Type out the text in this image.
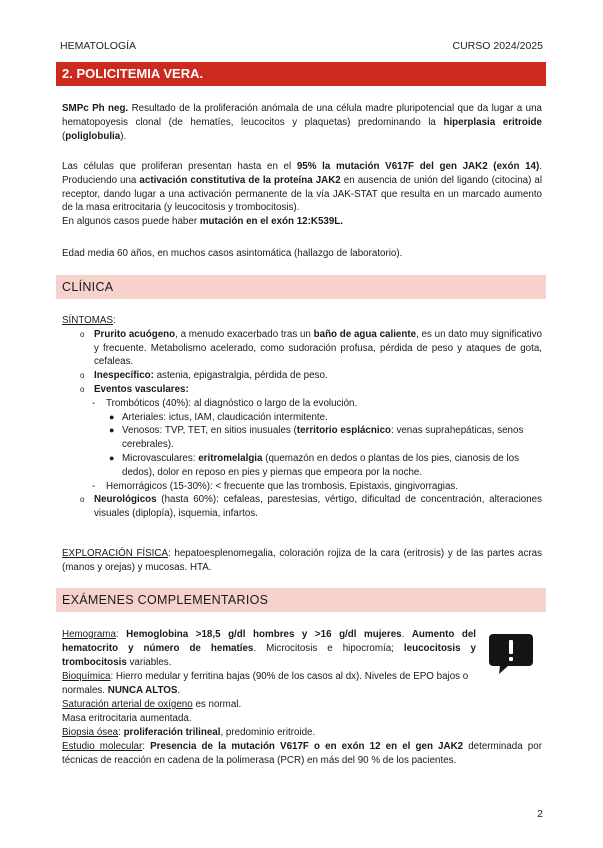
HEMATOLOGÍA	CURSO 2024/2025
2. POLICITEMIA VERA.

SMPc Ph neg. Resultado de la proliferación anómala de una célula madre pluripotencial que da lugar a una hematopoyesis clonal (de hematíes, leucocitos y plaquetas) predominando la hiperplasia eritroide (poliglobulia).

Las células que proliferan presentan hasta en el 95% la mutación V617F del gen JAK2 (exón 14). Produciendo una activación constitutiva de la proteína JAK2 en ausencia de unión del ligando (citocina) al receptor, dando lugar a una activación permanente de la vía JAK-STAT que resulta en un marcado aumento de la masa eritrocitaria (y leucocitosis y trombocitosis).

En algunos casos puede haber mutación en el exón 12:K539L.

Edad media 60 años, en muchos casos asintomática (hallazgo de laboratorio).
CLÍNICA

SÍNTOMAS:

o Prurito acuógeno, a menudo exacerbado tras un baño de agua caliente, es un dato muy significativo y frecuente. Metabolismo acelerado, como sudoración profusa, pérdida de peso y ataques de gota, cefaleas.
o Inespecífico: astenia, epigastralgia, pérdida de peso.
o Eventos vasculares:
- Trombóticos (40%): al diagnóstico o largo de la evolución.
● Arteriales: ictus, IAM, claudicación intermitente.
● Venosos: TVP, TET, en sitios inusuales (territorio esplácnico: venas suprahepáticas, senos cerebrales).
● Microvasculares: eritromelalgia (quemazón en dedos o plantas de los pies, cianosis de los dedos), dolor en reposo en pies y piernas que empeora por la noche.
- Hemorrágicos (15-30%): < frecuente que las trombosis. Epistaxis, gingivorragias.
o Neurológicos (hasta 60%): cefaleas, parestesias, vértigo, dificultad de concentración, alteraciones visuales (diplopía), isquemia, infartos.

EXPLORACIÓN FÍSICA: hepatoesplenomegalia, coloración rojiza de la cara (eritrosis) y de las partes acras (manos y orejas) y mucosas. HTA.

EXÁMENES COMPLEMENTARIOS

Hemograma: Hemoglobina >18,5 g/dl hombres y >16 g/dl mujeres. Aumento del hematocrito y número de hematíes. Microcitosis e hipocromía; leucocitosis y trombocitosis variables.

Bioquímica: Hierro medular y ferritina bajas (90% de los casos al dx). Niveles de EPO bajos o normales. NUNCA ALTOS.

Saturación arterial de oxígeno es normal.

Masa eritrocitaria aumentada.

Biopsia ósea: proliferación trilineal, predominio eritroide.

Estudio molecular: Presencia de la mutación V617F o en exón 12 en el gen JAK2 determinada por técnicas de reacción en cadena de la polimerasa (PCR) en más del 90 % de los pacientes.

2
